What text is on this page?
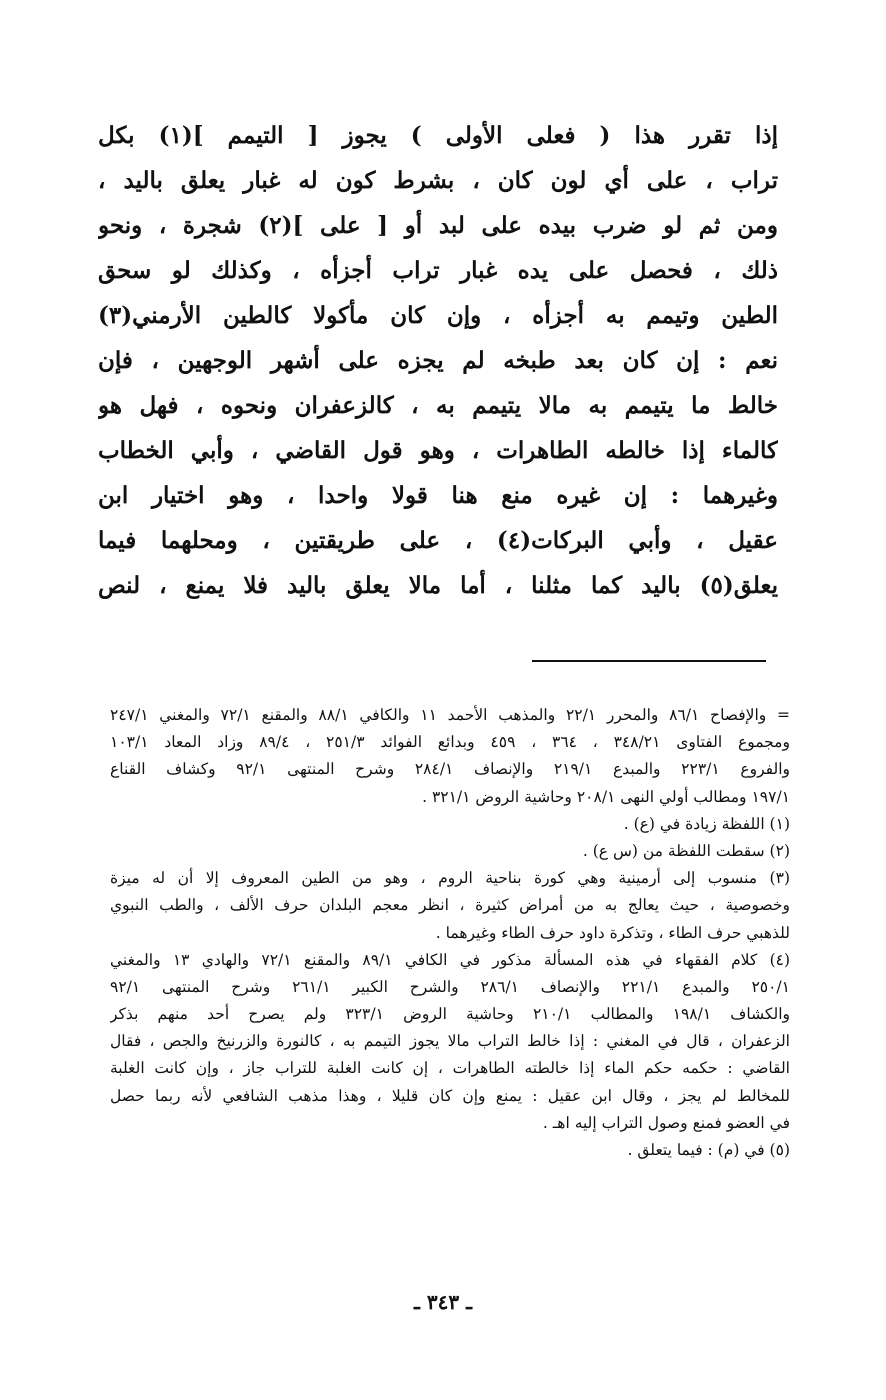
إذا تقرر هذا ( فعلى الأولى ) يجوز [ التيمم ](١) بكل
تراب ، على أي لون كان ، بشرط كون له غبار يعلق باليد ،
ومن ثم لو ضرب بيده على لبد أو [ على ](٢) شجرة ، ونحو
ذلك ، فحصل على يده غبار تراب أجزأه ، وكذلك لو سحق
الطين وتيمم به أجزأه ، وإن كان مأكولا كالطين الأرمني(٣)
نعم : إن كان بعد طبخه لم يجزه على أشهر الوجهين ، فإن
خالط ما يتيمم به مالا يتيمم به ، كالزعفران ونحوه ، فهل هو
كالماء إذا خالطه الطاهرات ، وهو قول القاضي ، وأبي الخطاب
وغيرهما : إن غيره منع هنا قولا واحدا ، وهو اختيار ابن
عقيل ، وأبي البركات(٤) ، على طريقتين ، ومحلهما فيما
يعلق(٥) باليد كما مثلنا ، أما مالا يعلق باليد فلا يمنع ، لنص
= والإفصاح ٨٦/١ والمحرر ٢٢/١ والمذهب الأحمد ١١ والكافي ٨٨/١ والمقنع ٧٢/١ والمغني ٢٤٧/١
ومجموع الفتاوى ٣٤٨/٢١ ، ٣٦٤ ، ٤٥٩ وبدائع الفوائد ٢٥١/٣ ، ٨٩/٤ وزاد المعاد ١٠٣/١
والفروع ٢٢٣/١ والمبدع ٢١٩/١ والإنصاف ٢٨٤/١ وشرح المنتهى ٩٢/١ وكشاف القناع
١٩٧/١ ومطالب أولي النهى ٢٠٨/١ وحاشية الروض ٣٢١/١ .
(١) اللفظة زيادة في (ع) .
(٢) سقطت اللفظة من (س ع) .
(٣) منسوب إلى أرمينية وهي كورة بناحية الروم ، وهو من الطين المعروف إلا أن له ميزة
وخصوصية ، حيث يعالج به من أمراض كثيرة ، انظر معجم البلدان حرف الألف ، والطب النبوي
للذهبي حرف الطاء ، وتذكرة داود حرف الطاء وغيرهما .
(٤) كلام الفقهاء في هذه المسألة مذكور في الكافي ٨٩/١ والمقنع ٧٢/١ والهادي ١٣ والمغني
٢٥٠/١ والمبدع ٢٢١/١ والإنصاف ٢٨٦/١ والشرح الكبير ٢٦١/١ وشرح المنتهى ٩٢/١
والكشاف ١٩٨/١ والمطالب ٢١٠/١ وحاشية الروض ٣٢٣/١ ولم يصرح أحد منهم بذكر
الزعفران ، قال في المغني : إذا خالط التراب مالا يجوز التيمم به ، كالنورة والزرنيخ والجص ، فقال
القاضي : حكمه حكم الماء إذا خالطته الطاهرات ، إن كانت الغلبة للتراب جاز ، وإن كانت الغلبة
للمخالط لم يجز ، وقال ابن عقيل : يمنع وإن كان قليلا ، وهذا مذهب الشافعي لأنه ربما حصل
في العضو فمنع وصول التراب إليه اهـ .
(٥) في (م) : فيما يتعلق .
ـ ٣٤٣ ـ
